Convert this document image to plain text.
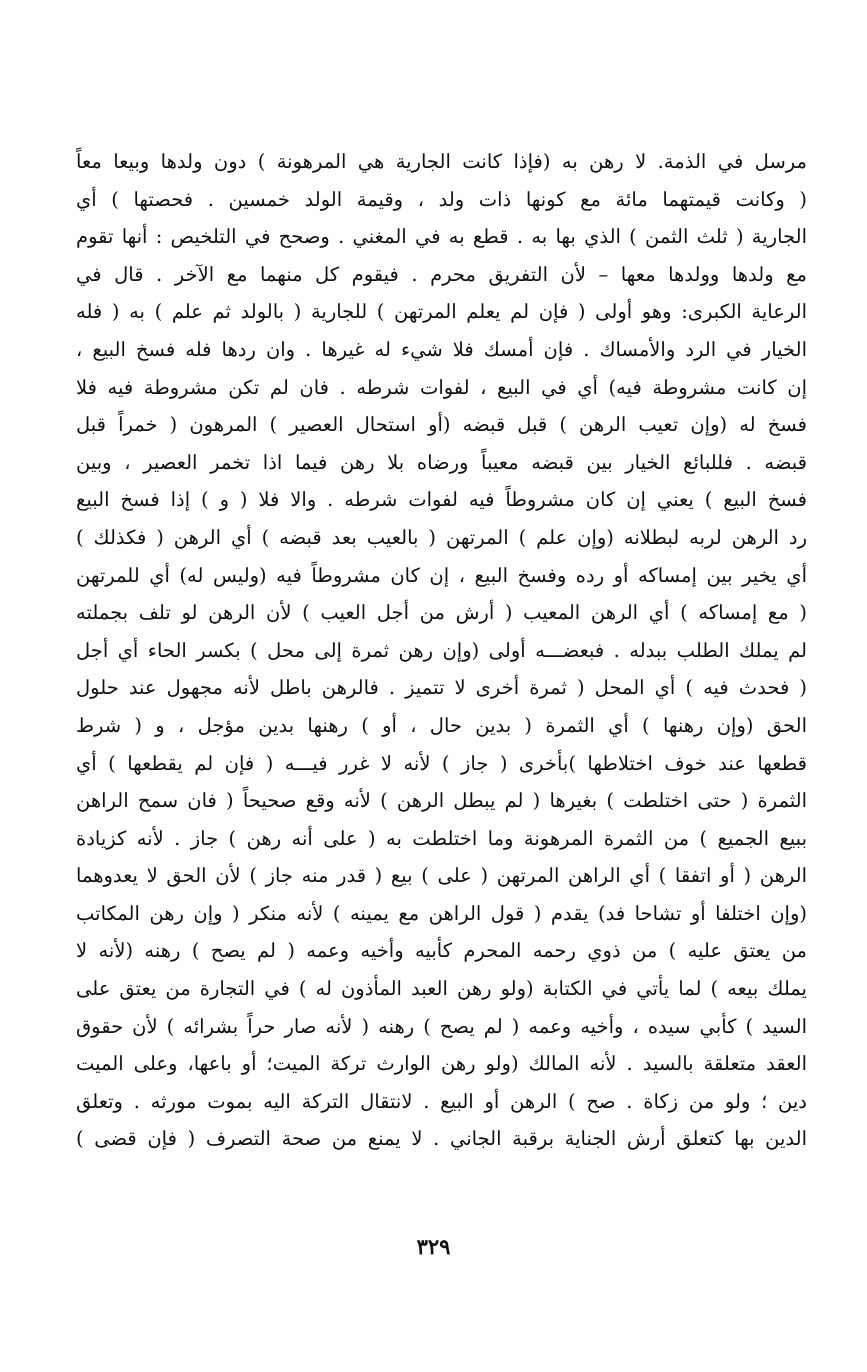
مرسل في الذمة. لا رهن به (فإذا كانت الجارية هي المرهونة ) دون ولدها وبيعا معاً
( وكانت قيمتهما مائة مع كونها ذات ولد ، وقيمة الولد خمسين . فحصتها ) أي
الجارية ( ثلث الثمن ) الذي بها به . قطع به في المغني . وصحح في التلخيص : أنها تقوم
مع ولدها وولدها معها – لأن التفريق محرم . فيقوم كل منهما مع الآخر . قال في
الرعاية الكبرى: وهو أولى ( فإن لم يعلم المرتهن ) للجارية ( بالولد ثم علم ) به ( فله
الخيار في الرد والأمساك . فإن أمسك فلا شيء له غيرها . وان ردها فله فسخ البيع ،
إن كانت مشروطة فيه) أي في البيع ، لفوات شرطه . فان لم تكن مشروطة فيه فلا
فسخ له (وإن تعيب الرهن ) قبل قبضه (أو استحال العصير ) المرهون ( خمراً قبل
قبضه . فللبائع الخيار بين قبضه معيباً ورضاه بلا رهن فيما اذا تخمر العصير ، وبين
فسخ البيع ) يعني إن كان مشروطاً فيه لفوات شرطه . والا فلا ( و ) إذا فسخ البيع
رد الرهن لربه لبطلانه (وإن علم ) المرتهن ( بالعيب بعد قبضه ) أي الرهن ( فكذلك )
أي يخير بين إمساكه أو رده وفسخ البيع ، إن كان مشروطاً فيه (وليس له) أي للمرتهن
( مع إمساكه ) أي الرهن المعيب ( أرش من أجل العيب ) لأن الرهن لو تلف بجملته
لم يملك الطلب ببدله . فبعضـــه أولى (وإن رهن ثمرة إلى محل ) بكسر الحاء أي أجل
( فحدث فيه ) أي المحل ( ثمرة أخرى لا تتميز . فالرهن باطل لأنه مجهول عند حلول
الحق (وإن رهنها ) أي الثمرة ( بدين حال ، أو ) رهنها بدين مؤجل ، و ( شرط
قطعها عند خوف اختلاطها )بأخرى ( جاز ) لأنه لا غرر فيـــه ( فإن لم يقطعها ) أي
الثمرة ( حتى اختلطت ) بغيرها ( لم يبطل الرهن ) لأنه وقع صحيحاً ( فان سمح الراهن
ببيع الجميع ) من الثمرة المرهونة وما اختلطت به ( على أنه رهن ) جاز . لأنه كزيادة
الرهن ( أو اتفقا ) أي الراهن المرتهن ( على ) بيع ( قدر منه جاز ) لأن الحق لا يعدوهما
(وإن اختلفا أو تشاحا فد) يقدم ( قول الراهن مع يمينه ) لأنه منكر ( وإن رهن المكاتب
من يعتق عليه ) من ذوي رحمه المحرم كأبيه وأخيه وعمه ( لم يصح ) رهنه (لأنه لا
يملك بيعه ) لما يأتي في الكتابة (ولو رهن العبد المأذون له ) في التجارة من يعتق على
السيد ) كأبي سيده ، وأخيه وعمه ( لم يصح ) رهنه ( لأنه صار حراً بشرائه ) لأن حقوق
العقد متعلقة بالسيد . لأنه المالك (ولو رهن الوارث تركة الميت؛ أو باعها، وعلى الميت
دين ؛ ولو من زكاة . صح ) الرهن أو البيع . لانتقال التركة اليه بموت مورثه . وتعلق
الدين بها كتعلق أرش الجناية برقبة الجاني . لا يمنع من صحة التصرف ( فإن قضى )
٣٢٩
